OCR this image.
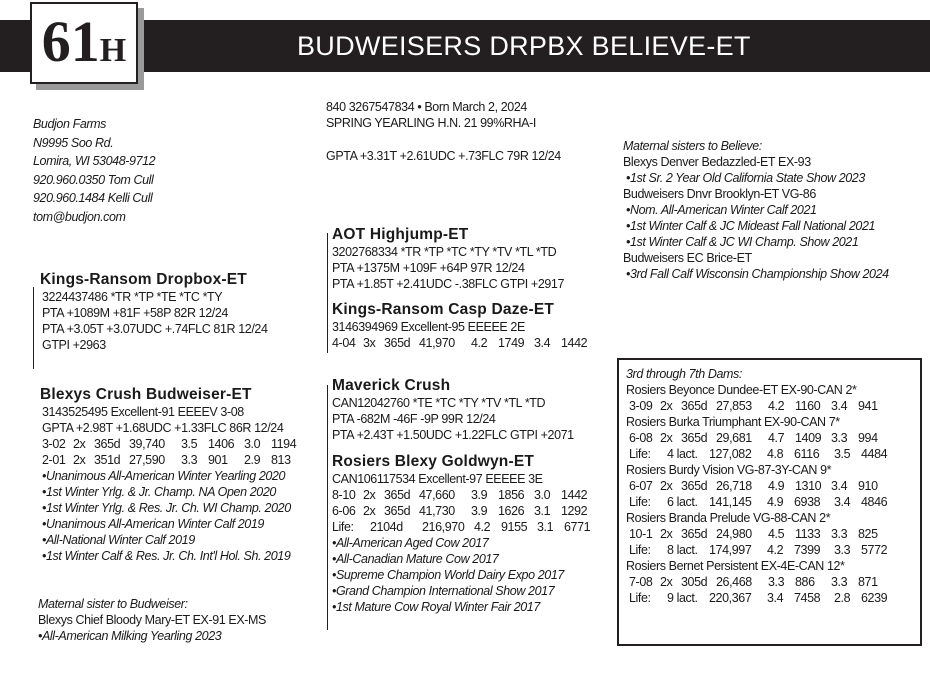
BUDWEISERS DRPBX BELIEVE-ET
61H
Budjon Farms
N9995 Soo Rd.
Lomira, WI 53048-9712
920.960.0350 Tom Cull
920.960.1484 Kelli Cull
tom@budjon.com
840 3267547834 • Born March 2, 2024
SPRING YEARLING H.N. 21 99%RHA-I
GPTA +3.31T +2.61UDC +.73FLC 79R 12/24
Kings-Ransom Dropbox-ET
3224437486 *TR *TP *TE *TC *TY
PTA +1089M +81F +58P 82R 12/24
PTA +3.05T +3.07UDC +.74FLC 81R 12/24
GTPI +2963
Blexys Crush Budweiser-ET
3143525495 Excellent-91 EEEEV 3-08
GPTA +2.98T +1.68UDC +1.33FLC 86R 12/24
3-02 2x 365d 39,740	3.5 1406 3.0 1194
2-01 2x 351d 27,590	3.3 901	2.9 813
•Unanimous All-American Winter Yearling 2020
•1st Winter Yrlg. & Jr. Champ. NA Open 2020
•1st Winter Yrlg. & Res. Jr. Ch. WI Champ. 2020
•Unanimous All-American Winter Calf 2019
•All-National Winter Calf 2019
•1st Winter Calf & Res. Jr. Ch. Int'l Hol. Sh. 2019
Maternal sister to Budweiser:
Blexys Chief Bloody Mary-ET EX-91 EX-MS
•All-American Milking Yearling 2023
AOT Highjump-ET
3202768334 *TR *TP *TC *TY *TV *TL *TD
PTA +1375M +109F +64P 97R 12/24
PTA +1.85T +2.41UDC -.38FLC GTPI +2917
Kings-Ransom Casp Daze-ET
3146394969 Excellent-95 EEEEE 2E
4-04 3x 365d 41,970	4.2 1749 3.4 1442
Maverick Crush
CAN12042760 *TE *TC *TY *TV *TL *TD
PTA -682M -46F -9P 99R 12/24
PTA +2.43T +1.50UDC +1.22FLC GTPI +2071
Rosiers Blexy Goldwyn-ET
CAN106117534 Excellent-97 EEEEE 3E
8-10 2x 365d 47,660	3.9 1856 3.0 1442
6-06 2x 365d 41,730	3.9 1626 3.1 1292
Life:	2104d	216,970 4.2 9155 3.1 6771
•All-American Aged Cow 2017
•All-Canadian Mature Cow 2017
•Supreme Champion World Dairy Expo 2017
•Grand Champion International Show 2017
•1st Mature Cow Royal Winter Fair 2017
Maternal sisters to Believe:
Blexys Denver Bedazzled-ET EX-93
•1st Sr. 2 Year Old California State Show 2023
Budweisers Dnvr Brooklyn-ET VG-86
•Nom. All-American Winter Calf 2021
•1st Winter Calf & JC Mideast Fall National 2021
•1st Winter Calf & JC WI Champ. Show 2021
Budweisers EC Brice-ET
•3rd Fall Calf Wisconsin Championship Show 2024
3rd through 7th Dams:
Rosiers Beyonce Dundee-ET EX-90-CAN 2*
3-09 2x 365d 27,853	4.2 1160 3.4 941
Rosiers Burka Triumphant EX-90-CAN 7*
6-08 2x 365d 29,681	4.7 1409 3.3 994
Life:	4 lact. 127,082	4.8 6116	3.5 4484
Rosiers Burdy Vision VG-87-3Y-CAN 9*
6-07 2x 365d 26,718	4.9 1310 3.4 910
Life:	6 lact. 141,145	4.9 6938	3.4 4846
Rosiers Branda Prelude VG-88-CAN 2*
10-1 2x 365d 24,980	4.5 1133 3.3 825
Life:	8 lact. 174,997	4.2 7399	3.3 5772
Rosiers Bernet Persistent EX-4E-CAN 12*
7-08 2x 305d 26,468	3.3 886	3.3 871
Life:	9 lact. 220,367	3.4 7458	2.8 6239
